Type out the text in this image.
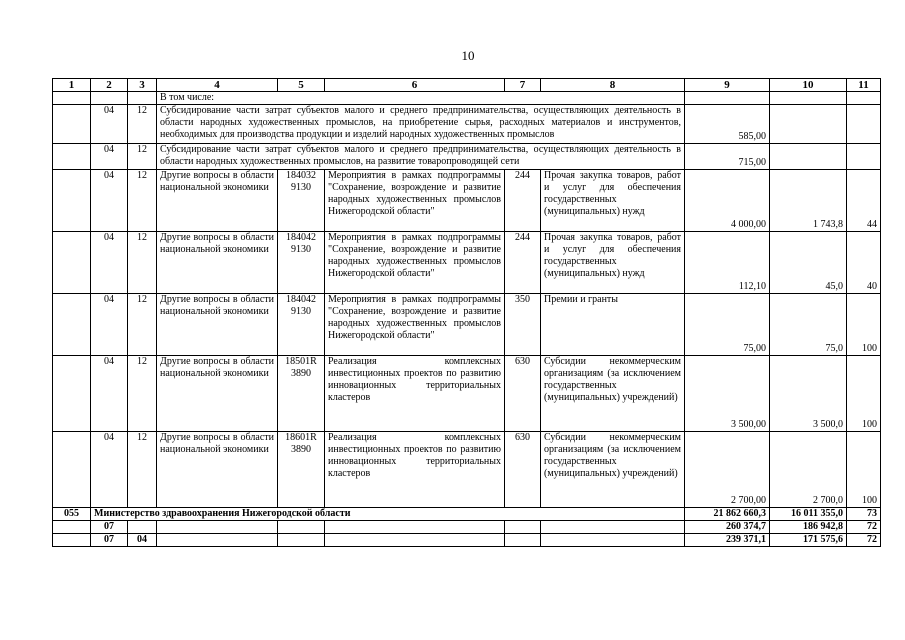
10
1	2	3	4	5	6	7	8	9	10	11
			В том числе:							
	04	12	Субсидирование части затрат субъектов малого и среднего предпринимательства, осуществляющих деятельность в области народных художественных промыслов, на приобретение сырья, расходных материалов и инструментов, необходимых для производства продукции и изделий народных художественных промыслов					585,00		
	04	12	Субсидирование части затрат субъектов малого и среднего предпринимательства, осуществляющих деятельность в области народных художественных промыслов, на развитие товаропроводящей сети					715,00		
	04	12	Другие вопросы в области национальной экономики	184032 9130	Мероприятия в рамках подпрограммы "Сохранение, возрождение и развитие народных художественных промыслов Нижегородской области"	244	Прочая закупка товаров, работ и услуг для обеспечения государственных (муниципальных) нужд	4 000,00	1 743,8	44
	04	12	Другие вопросы в области национальной экономики	184042 9130	Мероприятия в рамках подпрограммы "Сохранение, возрождение и развитие народных художественных промыслов Нижегородской области"	244	Прочая закупка товаров, работ и услуг для обеспечения государственных (муниципальных) нужд	112,10	45,0	40
	04	12	Другие вопросы в области национальной экономики	184042 9130	Мероприятия в рамках подпрограммы "Сохранение, возрождение и развитие народных художественных промыслов Нижегородской области"	350	Премии и гранты	75,00	75,0	100
	04	12	Другие вопросы в области национальной экономики	18501R 3890	Реализация комплексных инвестиционных проектов по развитию инновационных территориальных кластеров	630	Субсидии некоммерческим организациям (за исключением государственных (муниципальных) учреждений)	3 500,00	3 500,0	100
	04	12	Другие вопросы в области национальной экономики	18601R 3890	Реализация комплексных инвестиционных проектов по развитию инновационных территориальных кластеров	630	Субсидии некоммерческим организациям (за исключением государственных (муниципальных) учреждений)	2 700,00	2 700,0	100
055	Министерство здравоохранения Нижегородской области							21 862 660,3	16 011 355,0	73
	07							260 374,7	186 942,8	72
	07	04						239 371,1	171 575,6	72
